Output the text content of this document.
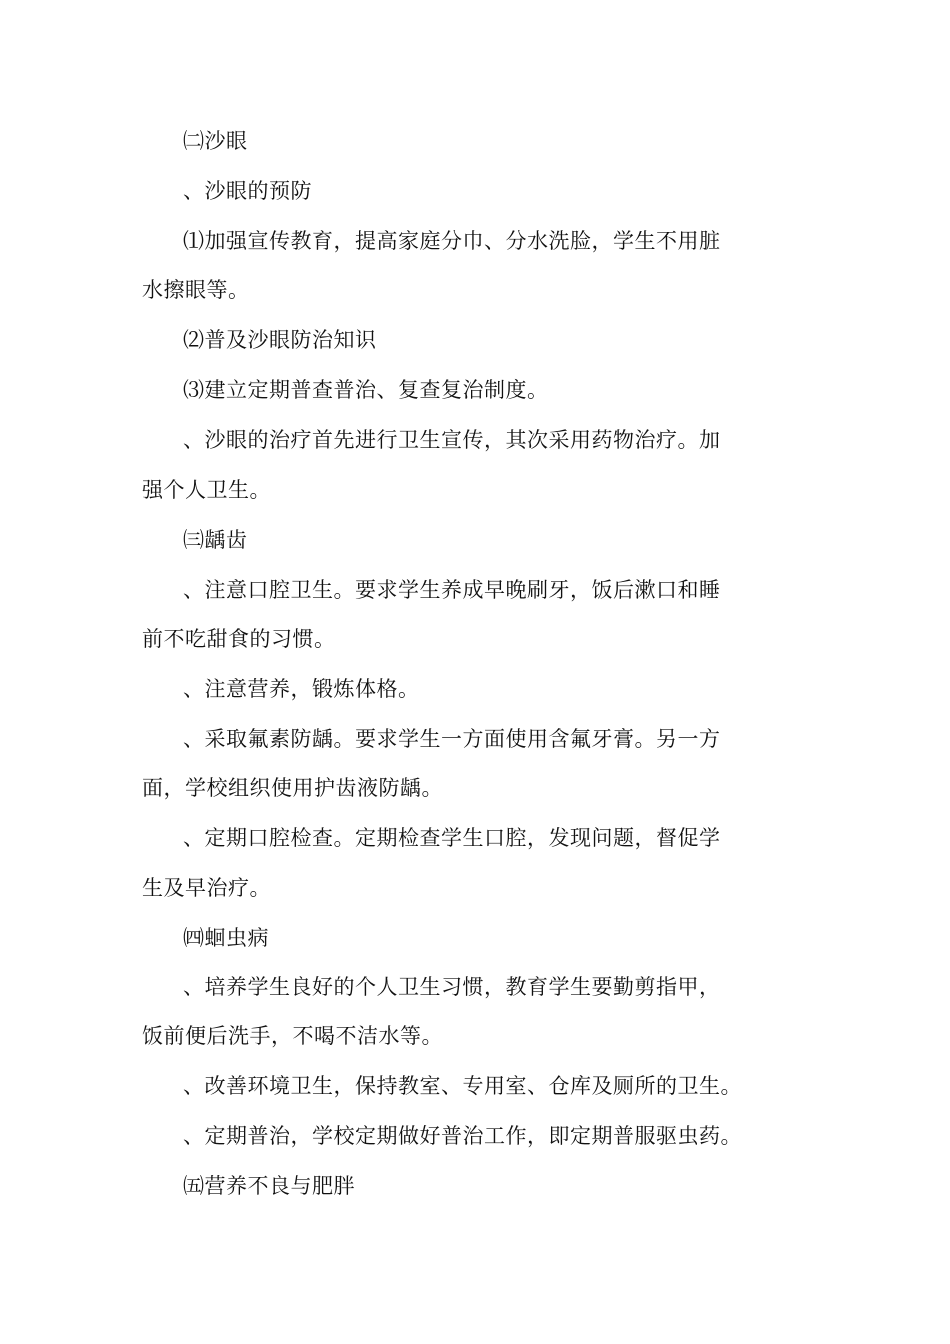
㈡沙眼
、沙眼的预防
⑴加强宣传教育，提高家庭分巾、分水洗脸，学生不用脏
水擦眼等。
⑵普及沙眼防治知识
⑶建立定期普查普治、复查复治制度。
、沙眼的治疗首先进行卫生宣传，其次采用药物治疗。加
强个人卫生。
㈢龋齿
、注意口腔卫生。要求学生养成早晚刷牙，饭后漱口和睡
前不吃甜食的习惯。
、注意营养，锻炼体格。
、采取氟素防龋。要求学生一方面使用含氟牙膏。另一方
面，学校组织使用护齿液防龋。
、定期口腔检查。定期检查学生口腔，发现问题，督促学
生及早治疗。
㈣蛔虫病
、培养学生良好的个人卫生习惯，教育学生要勤剪指甲，
饭前便后洗手，不喝不洁水等。
、改善环境卫生，保持教室、专用室、仓库及厕所的卫生。
、定期普治，学校定期做好普治工作，即定期普服驱虫药。
㈤营养不良与肥胖
